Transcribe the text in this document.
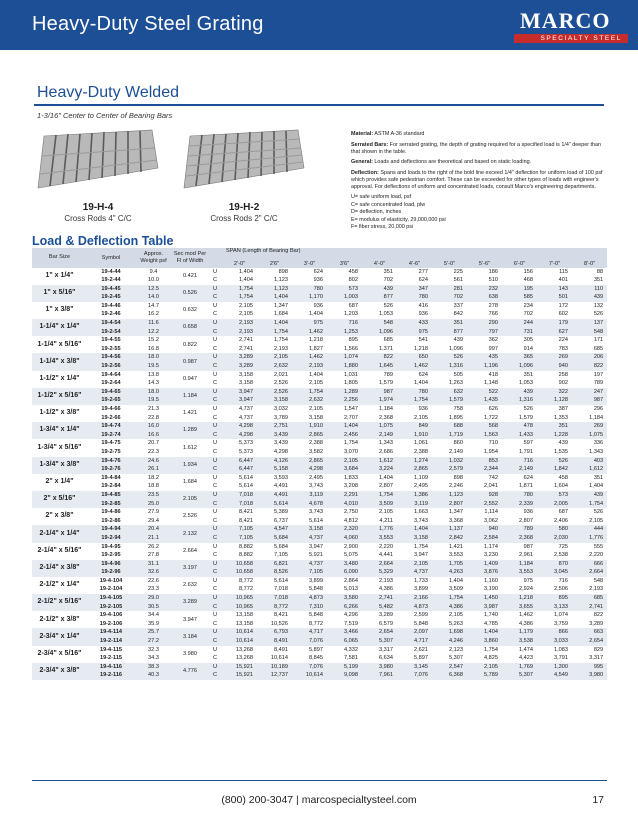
Heavy-Duty Steel Grating	MARCO
SPECIALTY STEEL
Heavy-Duty Welded
1-3/16" Center to Center of Bearing Bars
19-H-4
Cross Rods 4" C/C
19-H-2
Cross Rods 2" C/C

Material: ASTM A-36 standard

Serrated Bars: For serrated grating, the depth of grating required for a specified load is 1/4" deeper than that shown in the table.

General: Loads and deflections are theoretical and based on static loading.

Deflection: Spans and loads to the right of the bold line exceed 1/4" deflection for uniform load of 100 psf which provides safe pedestrian comfort. These can be exceeded for other types of loads with engineer's approval. For deflections of uniform and concentrated loads, consult Marco's engineering departments.

U= safe uniform load, psf
C= safe concentrated load, plw
D= deflection, inches
E= modulus of elasticity, 29,000,000 psi
F= fiber stress, 20,000 psi
Load & Deflection Table
Bar Size	Symbol	Approx. Weight psf	Sec mod Per Fl of Width		SPAN (Length of Bearing Bar)										

					2'-0"	2'6"	3'-0"	3'6"	4'-0"	4'-6"	5'-0"	5'-6"	6'-0"	7'-0"	8'-0"
1" x 1/4"	19-4-44	9.4	0.421	U	1,404	898	624	458	351	277	225	186	156	115	88
	19-2-44	10.0		C	1,404	1,123	936	802	702	624	561	510	468	401	351
1" x 5/16"	19-4-45	12.5	0.526	U	1,754	1,123	780	573	439	347	281	232	195	143	110
	19-2-45	14.0		C	1,754	1,404	1,170	1,003	877	780	702	638	585	501	439
1" x 3/8"	19-4-46	14.7	0.632	U	2,105	1,347	936	687	526	416	337	278	234	172	132
	19-2-46	16.2		C	2,105	1,684	1,404	1,203	1,053	936	842	766	702	602	526
1-1/4" x 1/4"	19-4-54	11.6	0.658	U	2,193	1,404	975	716	548	433	351	290	244	179	137
	19-2-54	12.2		C	2,193	1,754	1,462	1,253	1,096	975	877	797	731	627	548
1-1/4" x 5/16"	19-4-55	15.2	0.822	U	2,741	1,754	1,218	895	685	541	439	362	305	224	171
	19-2-55	16.8		C	2,741	2,193	1,827	1,566	1,371	1,218	1,096	997	914	783	685
1-1/4" x 3/8"	19-4-56	18.0	0.987	U	3,289	2,105	1,462	1,074	822	650	526	435	365	269	206
	19-2-56	19.5		C	3,289	2,632	2,193	1,880	1,645	1,462	1,316	1,196	1,096	940	822
1-1/2" x 1/4"	19-4-64	13.8	0.947	U	3,158	2,021	1,404	1,031	789	624	505	418	351	258	197
	19-2-64	14.3		C	3,158	2,526	2,105	1,805	1,579	1,404	1,263	1,148	1,053	902	789
1-1/2" x 5/16"	19-4-65	18.0	1.184	U	3,947	2,526	1,754	1,289	987	780	632	522	439	322	247
	19-2-65	19.5		C	3,947	3,158	2,632	2,256	1,974	1,754	1,579	1,435	1,316	1,128	987
1-1/2" x 3/8"	19-4-66	21.3	1.421	U	4,737	3,032	2,105	1,547	1,184	936	758	626	526	387	296
	19-2-66	22.8		C	4,737	3,789	3,158	2,707	2,368	2,105	1,895	1,722	1,579	1,353	1,184
1-3/4" x 1/4"	19-4-74	16.0	1.289	U	4,298	2,751	1,910	1,404	1,075	849	688	568	478	351	269
	19-2-74	16.6		C	4,298	3,439	2,865	2,456	2,149	1,910	1,719	1,563	1,433	1,228	1,075
1-3/4" x 5/16"	19-4-75	20.7	1.612	U	5,373	3,439	2,388	1,754	1,343	1,061	860	710	597	439	336
	19-2-75	22.3		C	5,373	4,298	3,582	3,070	2,686	2,388	2,149	1,954	1,791	1,535	1,343
1-3/4" x 3/8"	19-4-76	24.6	1.934	U	6,447	4,126	2,865	2,105	1,612	1,274	1,032	853	716	526	403
	19-2-76	26.1		C	6,447	5,158	4,298	3,684	3,224	2,865	2,579	2,344	2,149	1,842	1,612
2" x 1/4"	19-4-84	18.2	1.684	U	5,614	3,593	2,495	1,833	1,404	1,109	898	742	624	458	351
	19-2-84	18.8		C	5,614	4,491	3,743	3,208	2,807	2,495	2,246	2,041	1,871	1,604	1,404
2" x 5/16"	19-4-85	23.5	2.105	U	7,018	4,491	3,119	2,291	1,754	1,386	1,123	928	780	573	439
	19-2-85	25.0		C	7,018	5,614	4,678	4,010	3,509	3,119	2,807	2,552	2,339	2,005	1,754
2" x 3/8"	19-4-86	27.9	2.526	U	8,421	5,389	3,743	2,750	2,105	1,663	1,347	1,114	936	687	526
	19-2-86	29.4		C	8,421	6,737	5,614	4,812	4,211	3,743	3,368	3,062	2,807	2,406	2,105
2-1/4" x 1/4"	19-4-94	20.4	2.132	U	7,105	4,547	3,158	2,320	1,776	1,404	1,137	940	789	580	444
	19-2-94	21.1		C	7,105	5,684	4,737	4,060	3,553	3,158	2,842	2,584	2,368	2,030	1,776
2-1/4" x 5/16"	19-4-95	26.2	2.664	U	8,882	5,684	3,947	2,900	2,220	1,754	1,421	1,174	987	725	555
	19-2-95	27.8		C	8,882	7,105	5,921	5,075	4,441	3,947	3,553	3,230	2,961	2,538	2,220
2-1/4" x 3/8"	19-4-96	31.1	3.197	U	10,658	6,821	4,737	3,480	2,664	2,105	1,705	1,409	1,184	870	666
	19-2-96	32.6		C	10,658	8,526	7,105	6,090	5,329	4,737	4,263	3,876	3,553	3,045	2,664
2-1/2" x 1/4"	19-4-104	22.6	2.632	U	8,772	5,614	3,899	2,864	2,193	1,733	1,404	1,160	975	716	548
	19-2-104	23.3		C	8,772	7,018	5,848	5,013	4,386	3,899	3,509	3,190	2,924	2,506	2,193
2-1/2" x 5/16"	19-4-105	29.0	3.289	U	10,965	7,018	4,873	3,580	2,741	2,166	1,754	1,450	1,218	895	685
	19-2-105	30.5		C	10,965	8,772	7,310	6,266	5,482	4,873	4,386	3,987	3,655	3,133	2,741
2-1/2" x 3/8"	19-4-106	34.4	3.947	U	13,158	8,421	5,848	4,296	3,289	2,599	2,105	1,740	1,462	1,074	822
	19-2-106	35.9		C	13,158	10,526	8,772	7,519	6,579	5,848	5,263	4,785	4,386	3,759	3,289
2-3/4" x 1/4"	19-4-114	25.7	3.184	U	10,614	6,793	4,717	3,466	2,654	2,097	1,698	1,404	1,179	866	663
	19-2-114	27.2		C	10,614	8,491	7,076	6,065	5,307	4,717	4,246	3,860	3,538	3,033	2,654
2-3/4" x 5/16"	19-4-115	32.3	3.980	U	13,268	8,491	5,897	4,332	3,317	2,621	2,123	1,754	1,474	1,083	829
	19-2-115	34.3		C	13,268	10,614	8,845	7,581	6,634	5,897	5,307	4,825	4,423	3,791	3,317
2-3/4" x 3/8"	19-4-116	38.3	4.776	U	15,921	10,189	7,076	5,199	3,980	3,145	2,547	2,105	1,769	1,300	995
	19-2-116	40.3		C	15,921	12,737	10,614	9,098	7,961	7,076	6,368	5,789	5,307	4,549	3,980
(800) 200-3047 | marcospecialtysteel.com	17
